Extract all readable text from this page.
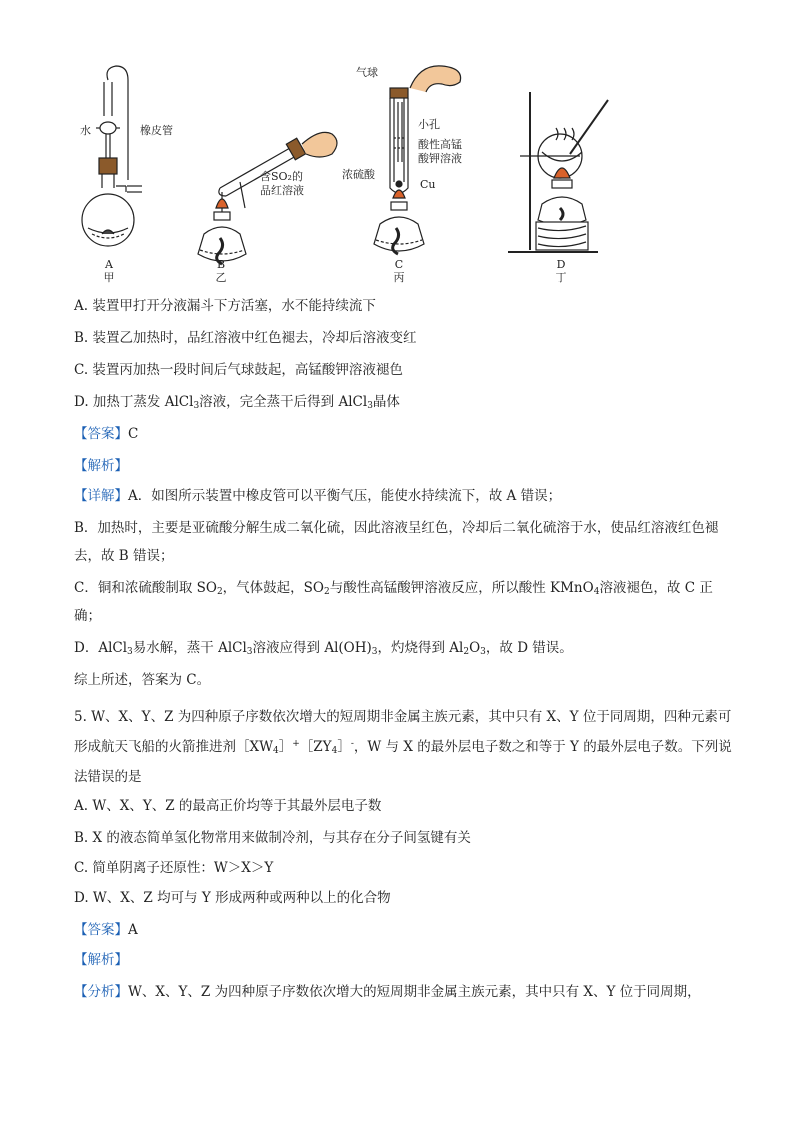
水	橡皮管
含SO₂的
品红溶液
气球
小孔
酸性高锰
酸钾溶液
浓硫酸
Cu
A
甲
B
乙
C
丙
D
丁
A. 装置甲打开分液漏斗下方活塞，水不能持续流下
B. 装置乙加热时，品红溶液中红色褪去，冷却后溶液变红
C. 装置丙加热一段时间后气球鼓起，高锰酸钾溶液褪色
D. 加热丁蒸发 AlCl$_3$溶液，完全蒸干后得到 AlCl$_3$晶体
【答案】C
【解析】
【详解】A．如图所示装置中橡皮管可以平衡气压，能使水持续流下，故 A 错误；
B．加热时，主要是亚硫酸分解生成二氧化硫，因此溶液呈红色，冷却后二氧化硫溶于水，使品红溶液红色褪去，故 B 错误；
C．铜和浓硫酸制取 $SO_2$，气体鼓起，$SO_2$与酸性高锰酸钾溶液反应，所以酸性 KMnO$_4$溶液褪色，故 C 正确；
D．AlCl$_3$易水解，蒸干 AlCl$_3$溶液应得到 $Al(OH)_3$，灼烧得到 $Al_2O_3$，故 D 错误。
综上所述，答案为 C。
5. W、X、Y、Z 为四种原子序数依次增大的短周期非金属主族元素，其中只有 X、Y 位于同周期，四种元素可形成航天飞船的火箭推进剂$[XW_4]^+[ZY_4]^-$，W 与 X 的最外层电子数之和等于 Y 的最外层电子数。下列说法错误的是
A. W、X、Y、Z 的最高正价均等于其最外层电子数
B. X 的液态简单氢化物常用来做制冷剂，与其存在分子间氢键有关
C. 简单阴离子还原性：W＞X＞Y
D. W、X、Z 均可与 Y 形成两种或两种以上的化合物
【答案】A
【解析】
【分析】W、X、Y、Z 为四种原子序数依次增大的短周期非金属主族元素，其中只有 X、Y 位于同周期，
